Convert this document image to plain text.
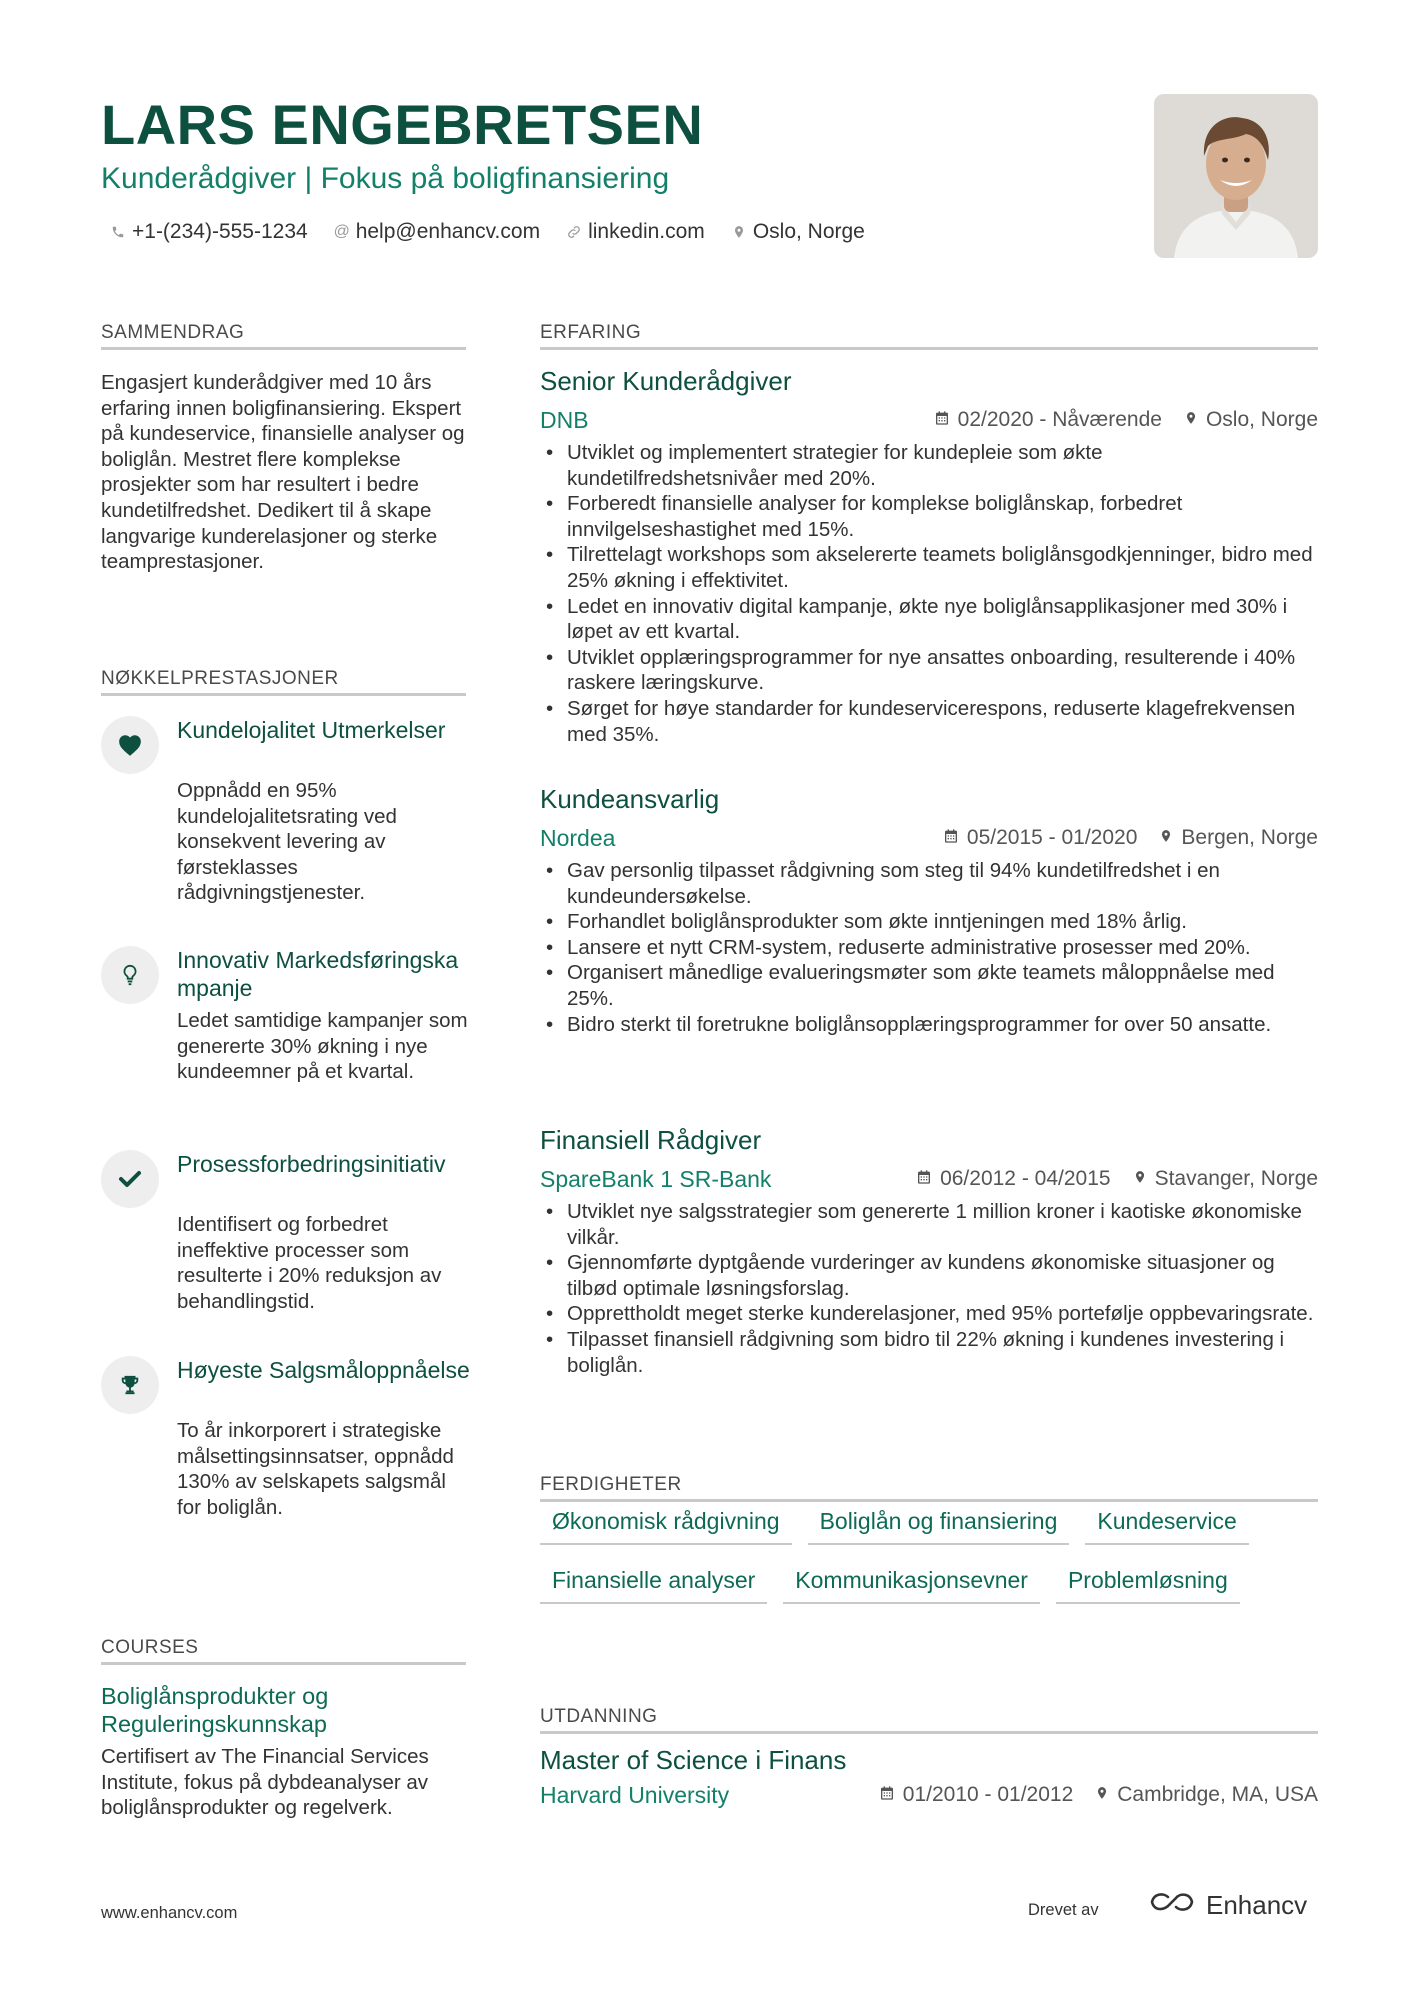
LARS ENGEBRETSEN
Kunderådgiver | Fokus på boligfinansiering
+1-(234)-555-1234 @ help@enhancv.com linkedin.com Oslo, Norge
SAMMENDRAG
Engasjert kunderådgiver med 10 års erfaring innen boligfinansiering. Ekspert på kundeservice, finansielle analyser og boliglån. Mestret flere komplekse prosjekter som har resultert i bedre kundetilfredshet. Dedikert til å skape langvarige kunderelasjoner og sterke teamprestasjoner.
NØKKELPRESTASJONER
Kundelojalitet Utmerkelser
Oppnådd en 95% kundelojalitetsrating ved konsekvent levering av førsteklasses rådgivningstjenester.
Innovativ Markedsføringskampanje
Ledet samtidige kampanjer som genererte 30% økning i nye kundeemner på et kvartal.
Prosessforbedringsinitiativ
Identifisert og forbedret ineffektive processer som resulterte i 20% reduksjon av behandlingstid.
Høyeste Salgsmåloppnåelse
To år inkorporert i strategiske målsettingsinnsatser, oppnådd 130% av selskapets salgsmål for boliglån.
COURSES
Boliglånsprodukter og Reguleringskunnskap
Certifisert av The Financial Services Institute, fokus på dybdeanalyser av boliglånsprodukter og regelverk.
ERFARING
Senior Kunderådgiver
DNB	02/2020 - Nåværende Oslo, Norge
• Utviklet og implementert strategier for kundepleie som økte kundetilfredshetsnivåer med 20%.
• Forberedt finansielle analyser for komplekse boliglånskap, forbedret innvilgelseshastighet med 15%.
• Tilrettelagt workshops som akselererte teamets boliglånsgodkjenninger, bidro med 25% økning i effektivitet.
• Ledet en innovativ digital kampanje, økte nye boliglånsapplikasjoner med 30% i løpet av ett kvartal.
• Utviklet opplæringsprogrammer for nye ansattes onboarding, resulterende i 40% raskere læringskurve.
• Sørget for høye standarder for kundeservicerespons, reduserte klagefrekvensen med 35%.
Kundeansvarlig
Nordea	05/2015 - 01/2020 Bergen, Norge
• Gav personlig tilpasset rådgivning som steg til 94% kundetilfredshet i en kundeundersøkelse.
• Forhandlet boliglånsprodukter som økte inntjeningen med 18% årlig.
• Lansere et nytt CRM-system, reduserte administrative prosesser med 20%.
• Organisert månedlige evalueringsmøter som økte teamets måloppnåelse med 25%.
• Bidro sterkt til foretrukne boliglånsopplæringsprogrammer for over 50 ansatte.
Finansiell Rådgiver
SpareBank 1 SR-Bank	06/2012 - 04/2015 Stavanger, Norge
• Utviklet nye salgsstrategier som genererte 1 million kroner i kaotiske økonomiske vilkår.
• Gjennomførte dyptgående vurderinger av kundens økonomiske situasjoner og tilbød optimale løsningsforslag.
• Opprettholdt meget sterke kunderelasjoner, med 95% portefølje oppbevaringsrate.
• Tilpasset finansiell rådgivning som bidro til 22% økning i kundenes investering i boliglån.
FERDIGHETER
Økonomisk rådgivning	Boliglån og finansiering	Kundeservice
Finansielle analyser	Kommunikasjonsevner	Problemløsning
UTDANNING
Master of Science i Finans
Harvard University	01/2010 - 01/2012 Cambridge, MA, USA
www.enhancv.com	Drevet av	Enhancv
